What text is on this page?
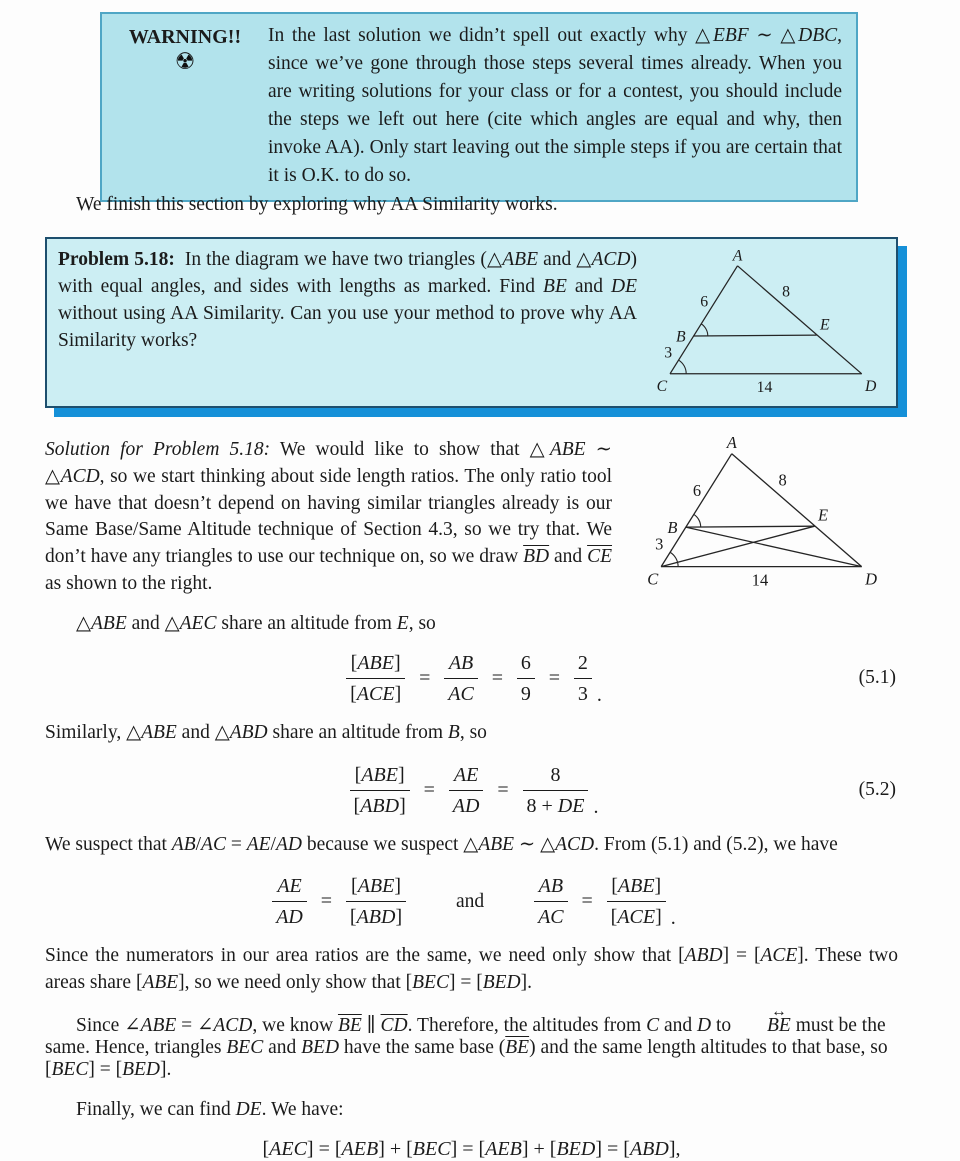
WARNING!!
☢
In the last solution we didn’t spell out exactly why △EBF ∼ △DBC, since we’ve gone through those steps several times already. When you are writing solutions for your class or for a contest, you should include the steps we left out here (cite which angles are equal and why, then invoke AA). Only start leaving out the simple steps if you are certain that it is O.K. to do so.

We finish this section by exploring why AA Similarity works.

A
B
C	D
E
6
8
3
14

Problem 5.18: In the diagram we have two triangles (△ABE and △ACD) with equal angles, and sides with lengths as marked. Find BE and DE without using AA Similarity. Can you use your method to prove why AA Similarity works?

A
B
C	D
E
6
8
3
14

Solution for Problem 5.18: We would like to show that △ABE ∼ △ACD, so we start thinking about side length ratios. The only ratio tool we have that doesn’t depend on having similar triangles already is our Same Base/Same Altitude technique of Section 4.3, so we try that. We don’t have any triangles to use our technique on, so we draw $\overline{BD}$ and $\overline{CE}$ as shown to the right.

△ABE and △AEC share an altitude from E, so

$\frac{\text{[ABE]}}{\text{[ACE]}} = \frac{AB}{AC} = \frac{6}{9} = \frac{2}{3}$ .
(5.1)

Similarly, △ABE and △ABD share an altitude from B, so

$\frac{\text{[ABE]}}{\text{[ABD]}} = \frac{AE}{AD} = \frac{8}{8 + DE}$ .
(5.2)

We suspect that AB/AC = AE/AD because we suspect △ABE ∼ △ACD. From (5.1) and (5.2), we have

$\frac{AE}{AD} = \frac{\text{[ABE]}}{\text{[ABD]}}$	and $\frac{AB}{AC} = \frac{\text{[ABE]}}{\text{[ACE]}}$ .

Since the numerators in our area ratios are the same, we need only show that [ABD] = [ACE]. These two areas share [ABE], so we need only show that [BEC] = [BED].

Since ∠ABE = ∠ACD, we know $\overline{BE}$ ∥ $\overline{CD}$. Therefore, the altitudes from C and D to BE ↔ must be the same. Hence, triangles BEC and BED have the same base $(\overline{BE})$ and the same length altitudes to that base, so [BEC] = [BED].

Finally, we can find DE. We have:

[AEC] = [AEB] + [BEC] = [AEB] + [BED] = [ABD],
